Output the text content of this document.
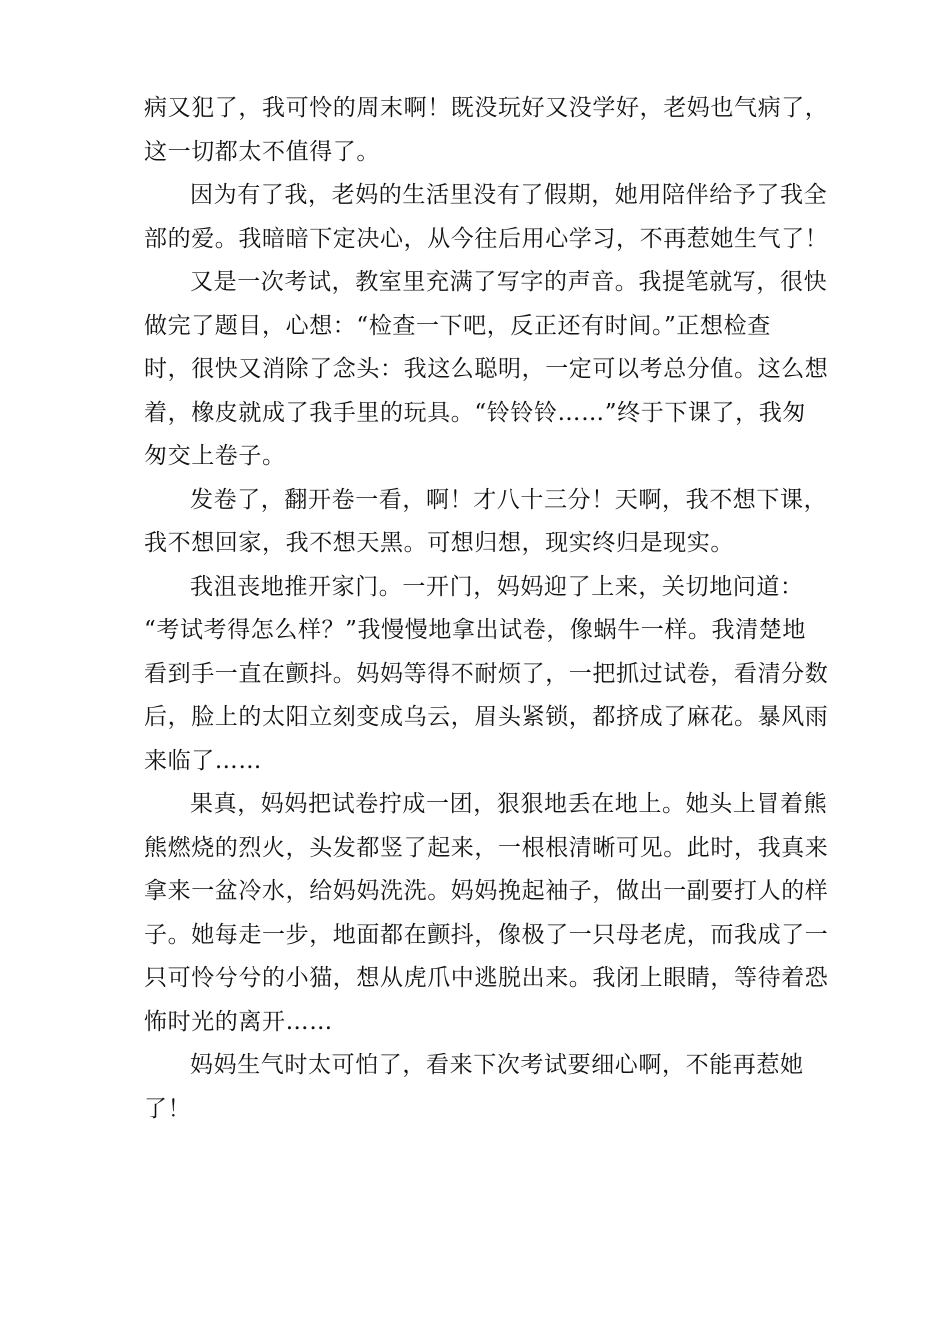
病又犯了，我可怜的周末啊！既没玩好又没学好，老妈也气病了，
这一切都太不值得了。

因为有了我，老妈的生活里没有了假期，她用陪伴给予了我全
部的爱。我暗暗下定决心，从今往后用心学习，不再惹她生气了！

又是一次考试，教室里充满了写字的声音。我提笔就写，很快
做完了题目，心想：“检查一下吧，反正还有时间。”正想检查
时，很快又消除了念头：我这么聪明，一定可以考总分值。这么想
着，橡皮就成了我手里的玩具。“铃铃铃……”终于下课了，我匆
匆交上卷子。

发卷了，翻开卷一看，啊！才八十三分！天啊，我不想下课，
我不想回家，我不想天黑。可想归想，现实终归是现实。

我沮丧地推开家门。一开门，妈妈迎了上来，关切地问道：
“考试考得怎么样？”我慢慢地拿出试卷，像蜗牛一样。我清楚地
看到手一直在颤抖。妈妈等得不耐烦了，一把抓过试卷，看清分数
后，脸上的太阳立刻变成乌云，眉头紧锁，都挤成了麻花。暴风雨
来临了……

果真，妈妈把试卷拧成一团，狠狠地丢在地上。她头上冒着熊
熊燃烧的烈火，头发都竖了起来，一根根清晰可见。此时，我真来
拿来一盆冷水，给妈妈洗洗。妈妈挽起袖子，做出一副要打人的样
子。她每走一步，地面都在颤抖，像极了一只母老虎，而我成了一
只可怜兮兮的小猫，想从虎爪中逃脱出来。我闭上眼睛，等待着恐
怖时光的离开……

妈妈生气时太可怕了，看来下次考试要细心啊，不能再惹她
了！
